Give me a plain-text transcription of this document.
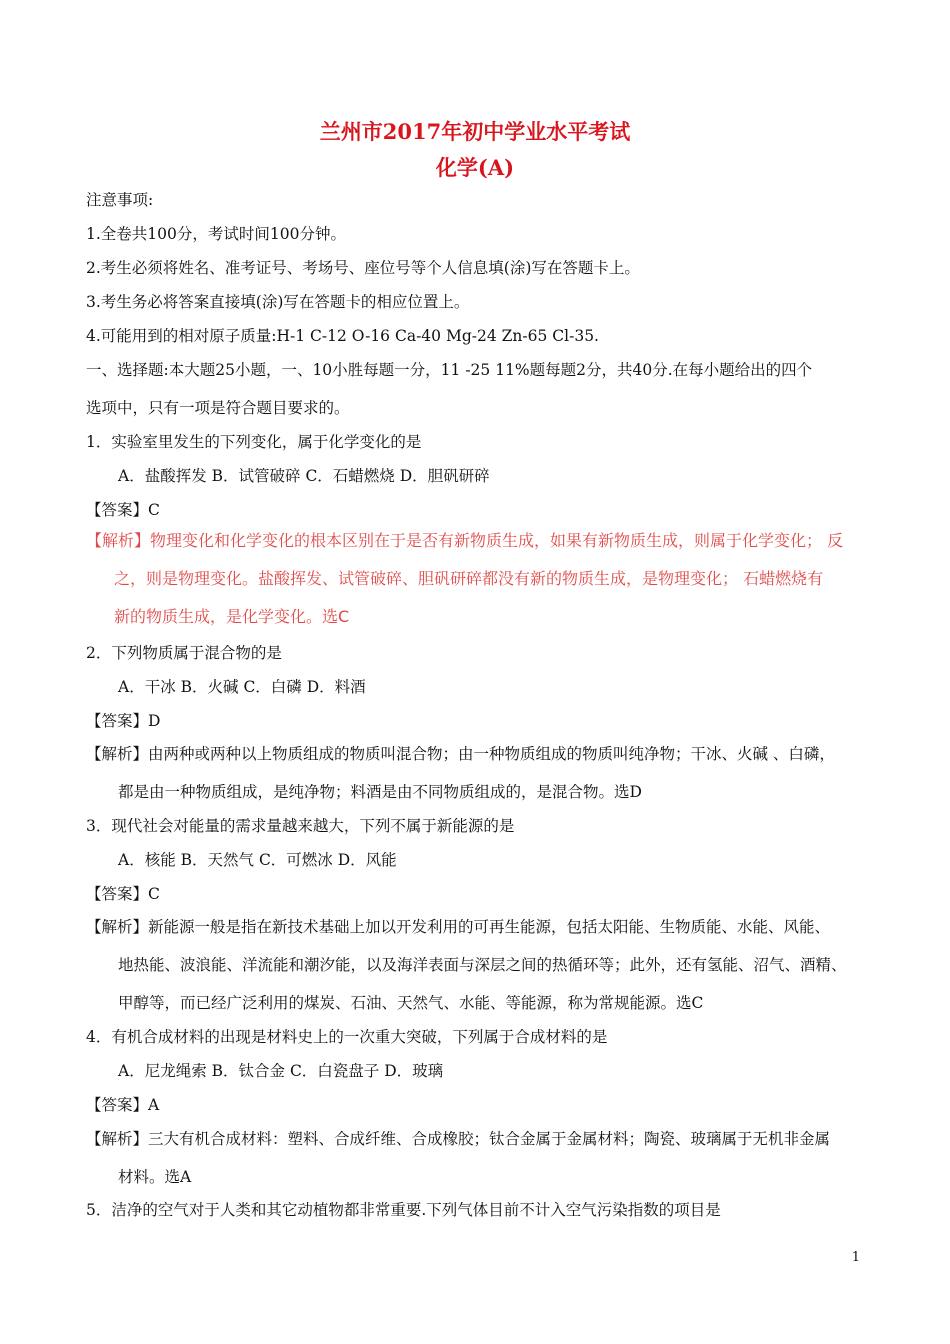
兰州市2017年初中学业水平考试
化学(A)
注意事项:
1.全卷共100分，考试时间100分钟。
2.考生必须将姓名、准考证号、考场号、座位号等个人信息填(涂)写在答题卡上。
3.考生务必将答案直接填(涂)写在答题卡的相应位置上。
4.可能用到的相对原子质量:H-1 C-12 O-16 Ca-40 Mg-24 Zn-65 Cl-35.
一、选择题:本大题25小题，一、10小胜每题一分，11 -25 11%题每题2分，共40分.在每小题给出的四个
选项中，只有一项是符合题目要求的。
1．实验室里发生的下列变化，属于化学变化的是
A．盐酸挥发 B．试管破碎 C．石蜡燃烧 D．胆矾研碎
【答案】C
【解析】物理变化和化学变化的根本区别在于是否有新物质生成，如果有新物质生成，则属于化学变化； 反
之，则是物理变化。盐酸挥发、试管破碎、胆矾研碎都没有新的物质生成，是物理变化； 石蜡燃烧有
新的物质生成，是化学变化。选C
2．下列物质属于混合物的是
A．干冰 B．火碱 C．白磷 D．料酒
【答案】D
【解析】由两种或两种以上物质组成的物质叫混合物；由一种物质组成的物质叫纯净物；干冰、火碱 、白磷，
都是由一种物质组成，是纯净物；料酒是由不同物质组成的，是混合物。选D
3．现代社会对能量的需求量越来越大，下列不属于新能源的是
A．核能 B．天然气 C．可燃冰 D．风能
【答案】C
【解析】新能源一般是指在新技术基础上加以开发利用的可再生能源，包括太阳能、生物质能、水能、风能、
地热能、波浪能、洋流能和潮汐能，以及海洋表面与深层之间的热循环等；此外，还有氢能、沼气、酒精、
甲醇等，而已经广泛利用的煤炭、石油、天然气、水能、等能源，称为常规能源。选C
4．有机合成材料的出现是材料史上的一次重大突破，下列属于合成材料的是
A．尼龙绳索 B．钛合金 C．白瓷盘子 D．玻璃
【答案】A
【解析】三大有机合成材料：塑料、合成纤维、合成橡胶；钛合金属于金属材料；陶瓷、玻璃属于无机非金属
材料。选A
5．洁净的空气对于人类和其它动植物都非常重要.下列气体目前不计入空气污染指数的项目是
1
